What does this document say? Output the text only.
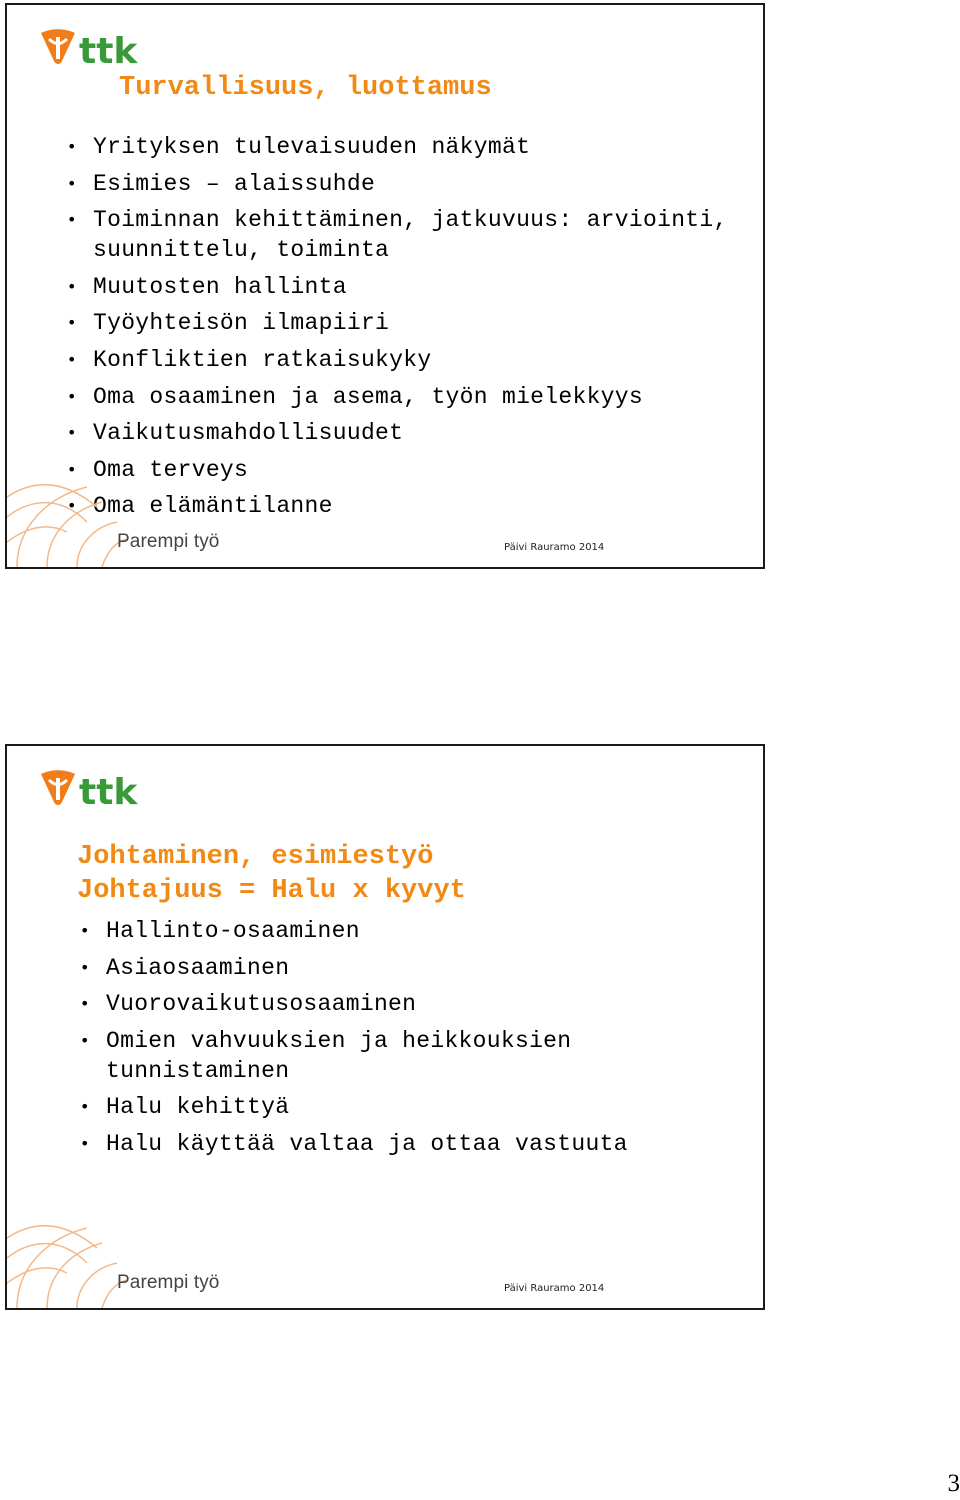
ttk
Turvallisuus, luottamus
• Yrityksen tulevaisuuden näkymät
• Esimies – alaissuhde
• Toiminnan kehittäminen, jatkuvuus: arviointi, suunnittelu, toiminta
• Muutosten hallinta
• Työyhteisön ilmapiiri
• Konfliktien ratkaisukyky
• Oma osaaminen ja asema, työn mielekkyys
• Vaikutusmahdollisuudet
• Oma terveys
• Oma elämäntilanne
Parempi työ	Päivi Rauramo 2014
ttk
Johtaminen, esimiestyö
Johtajuus = Halu x kyvyt
• Hallinto-osaaminen
• Asiaosaaminen
• Vuorovaikutusosaaminen
• Omien vahvuuksien ja heikkouksien tunnistaminen
• Halu kehittyä
• Halu käyttää valtaa ja ottaa vastuuta
Parempi työ	Päivi Rauramo 2014
3
